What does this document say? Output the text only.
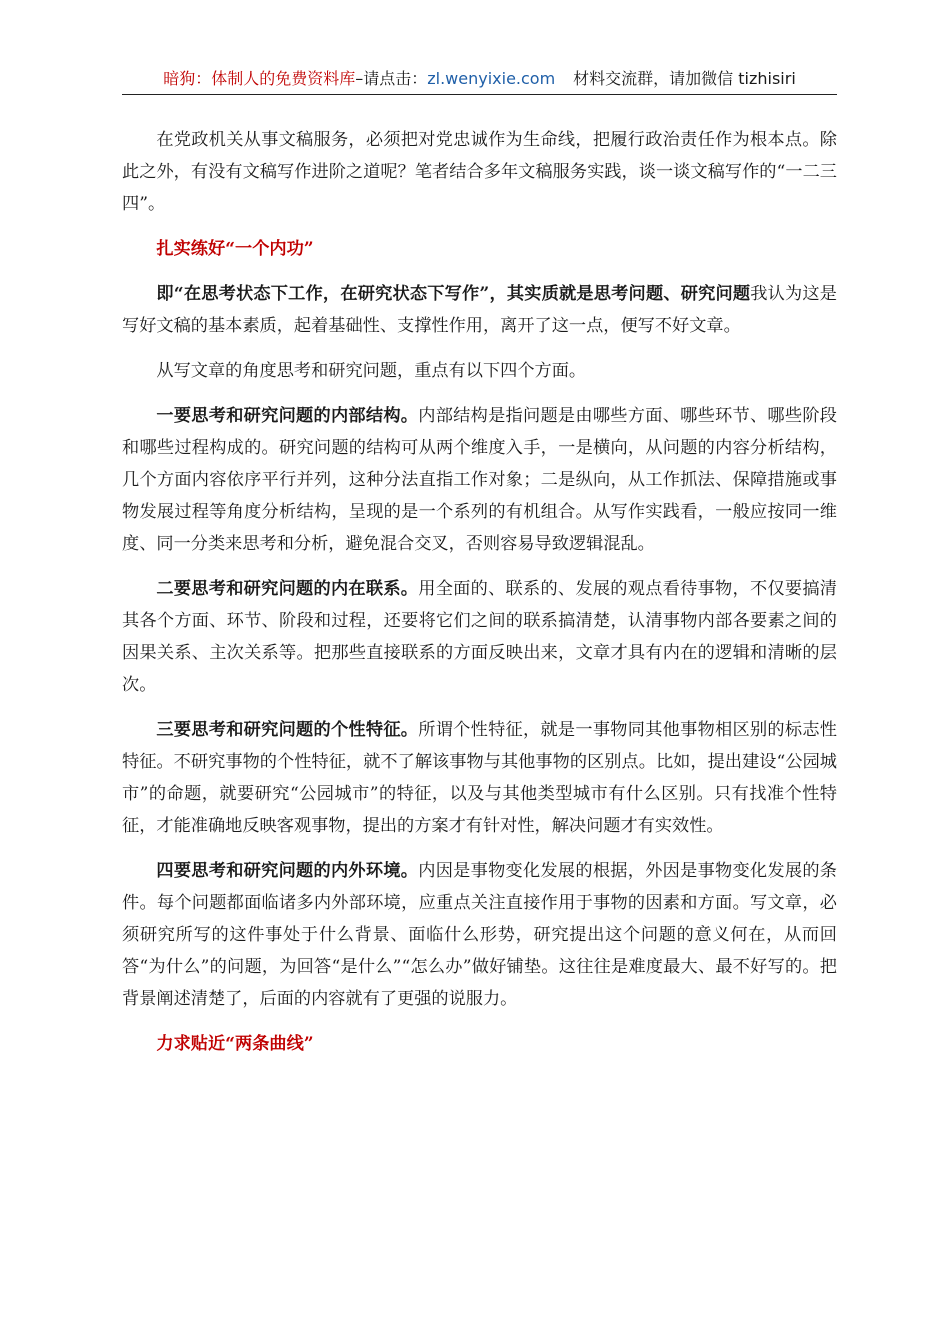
暗狗：体制人的免费资料库–请点击：zl.wenyixie.com 材料交流群，请加微信 tizhisiri

在党政机关从事文稿服务，必须把对党忠诚作为生命线，把履行政治责任作为根本点。除此之外，有没有文稿写作进阶之道呢？笔者结合多年文稿服务实践，谈一谈文稿写作的“一二三四”。

扎实练好“一个内功”

即“在思考状态下工作，在研究状态下写作”，其实质就是思考问题、研究问题我认为这是写好文稿的基本素质，起着基础性、支撑性作用，离开了这一点，便写不好文章。

从写文章的角度思考和研究问题，重点有以下四个方面。

一要思考和研究问题的内部结构。内部结构是指问题是由哪些方面、哪些环节、哪些阶段和哪些过程构成的。研究问题的结构可从两个维度入手，一是横向，从问题的内容分析结构，几个方面内容依序平行并列，这种分法直指工作对象；二是纵向，从工作抓法、保障措施或事物发展过程等角度分析结构，呈现的是一个系列的有机组合。从写作实践看，一般应按同一维度、同一分类来思考和分析，避免混合交叉，否则容易导致逻辑混乱。

二要思考和研究问题的内在联系。用全面的、联系的、发展的观点看待事物，不仅要搞清其各个方面、环节、阶段和过程，还要将它们之间的联系搞清楚，认清事物内部各要素之间的因果关系、主次关系等。把那些直接联系的方面反映出来，文章才具有内在的逻辑和清晰的层次。

三要思考和研究问题的个性特征。所谓个性特征，就是一事物同其他事物相区别的标志性特征。不研究事物的个性特征，就不了解该事物与其他事物的区别点。比如，提出建设“公园城市”的命题，就要研究“公园城市”的特征，以及与其他类型城市有什么区别。只有找准个性特征，才能准确地反映客观事物，提出的方案才有针对性，解决问题才有实效性。

四要思考和研究问题的内外环境。内因是事物变化发展的根据，外因是事物变化发展的条件。每个问题都面临诸多内外部环境，应重点关注直接作用于事物的因素和方面。写文章，必须研究所写的这件事处于什么背景、面临什么形势，研究提出这个问题的意义何在，从而回答“为什么”的问题，为回答“是什么”“怎么办”做好铺垫。这往往是难度最大、最不好写的。把背景阐述清楚了，后面的内容就有了更强的说服力。

力求贴近“两条曲线”
